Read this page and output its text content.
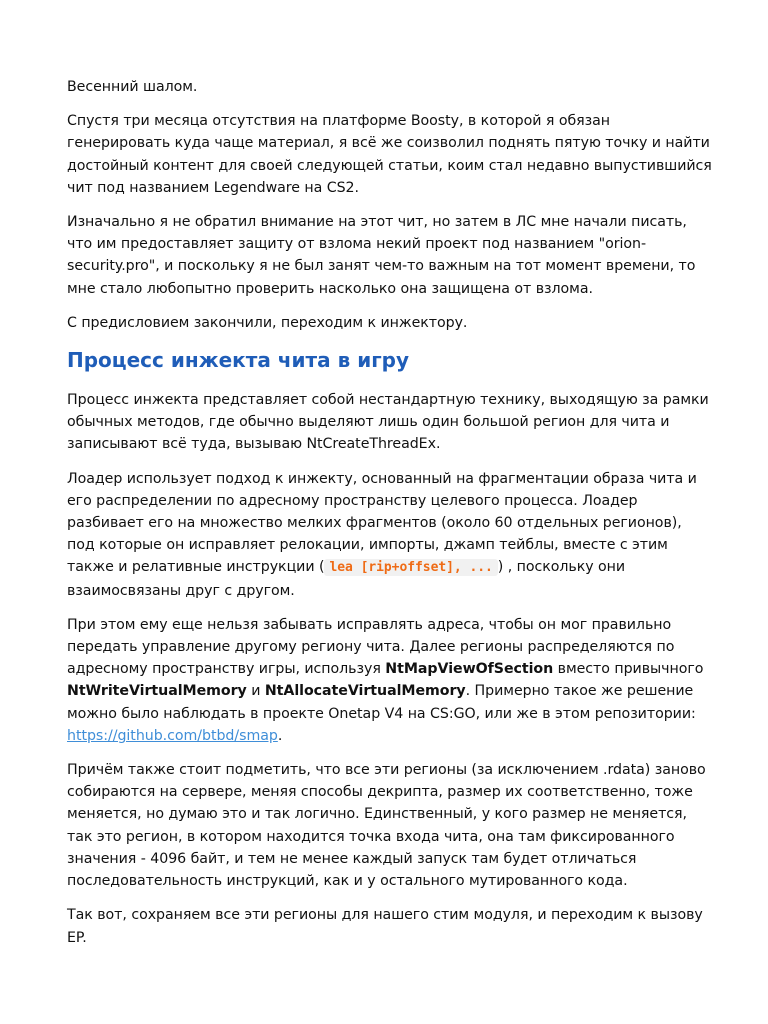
Весенний шалом.

Спустя три месяца отсутствия на платформе Boosty, в которой я обязан генерировать куда чаще материал, я всё же соизволил поднять пятую точку и найти достойный контент для своей следующей статьи, коим стал недавно выпустившийся чит под названием Legendware на CS2.

Изначально я не обратил внимание на этот чит, но затем в ЛС мне начали писать, что им предоставляет защиту от взлома некий проект под названием "orion-security.pro", и поскольку я не был занят чем-то важным на тот момент времени, то мне стало любопытно проверить насколько она защищена от взлома.

С предисловием закончили, переходим к инжектору.

Процесс инжекта чита в игру

Процесс инжекта представляет собой нестандартную технику, выходящую за рамки обычных методов, где обычно выделяют лишь один большой регион для чита и записывают всё туда, вызываю NtCreateThreadEx.

Лоадер использует подход к инжекту, основанный на фрагментации образа чита и его распределении по адресному пространству целевого процесса. Лоадер разбивает его на множество мелких фрагментов (около 60 отдельных регионов), под которые он исправляет релокации, импорты, джамп тейблы, вместе с этим также и релативные инструкции ( lea [rip+offset], ... ) , поскольку они взаимосвязаны друг с другом.

При этом ему еще нельзя забывать исправлять адреса, чтобы он мог правильно передать управление другому региону чита. Далее регионы распределяются по адресному пространству игры, используя NtMapViewOfSection вместо привычного NtWriteVirtualMemory и NtAllocateVirtualMemory. Примерно такое же решение можно было наблюдать в проекте Onetap V4 на CS:GO, или же в этом репозитории: https://github.com/btbd/smap.

Причём также стоит подметить, что все эти регионы (за исключением .rdata) заново собираются на сервере, меняя способы декрипта, размер их соответственно, тоже меняется, но думаю это и так логично. Единственный, у кого размер не меняется, так это регион, в котором находится точка входа чита, она там фиксированного значения - 4096 байт, и тем не менее каждый запуск там будет отличаться последовательность инструкций, как и у остального мутированного кода.

Так вот, сохраняем все эти регионы для нашего стим модуля, и переходим к вызову EP.
